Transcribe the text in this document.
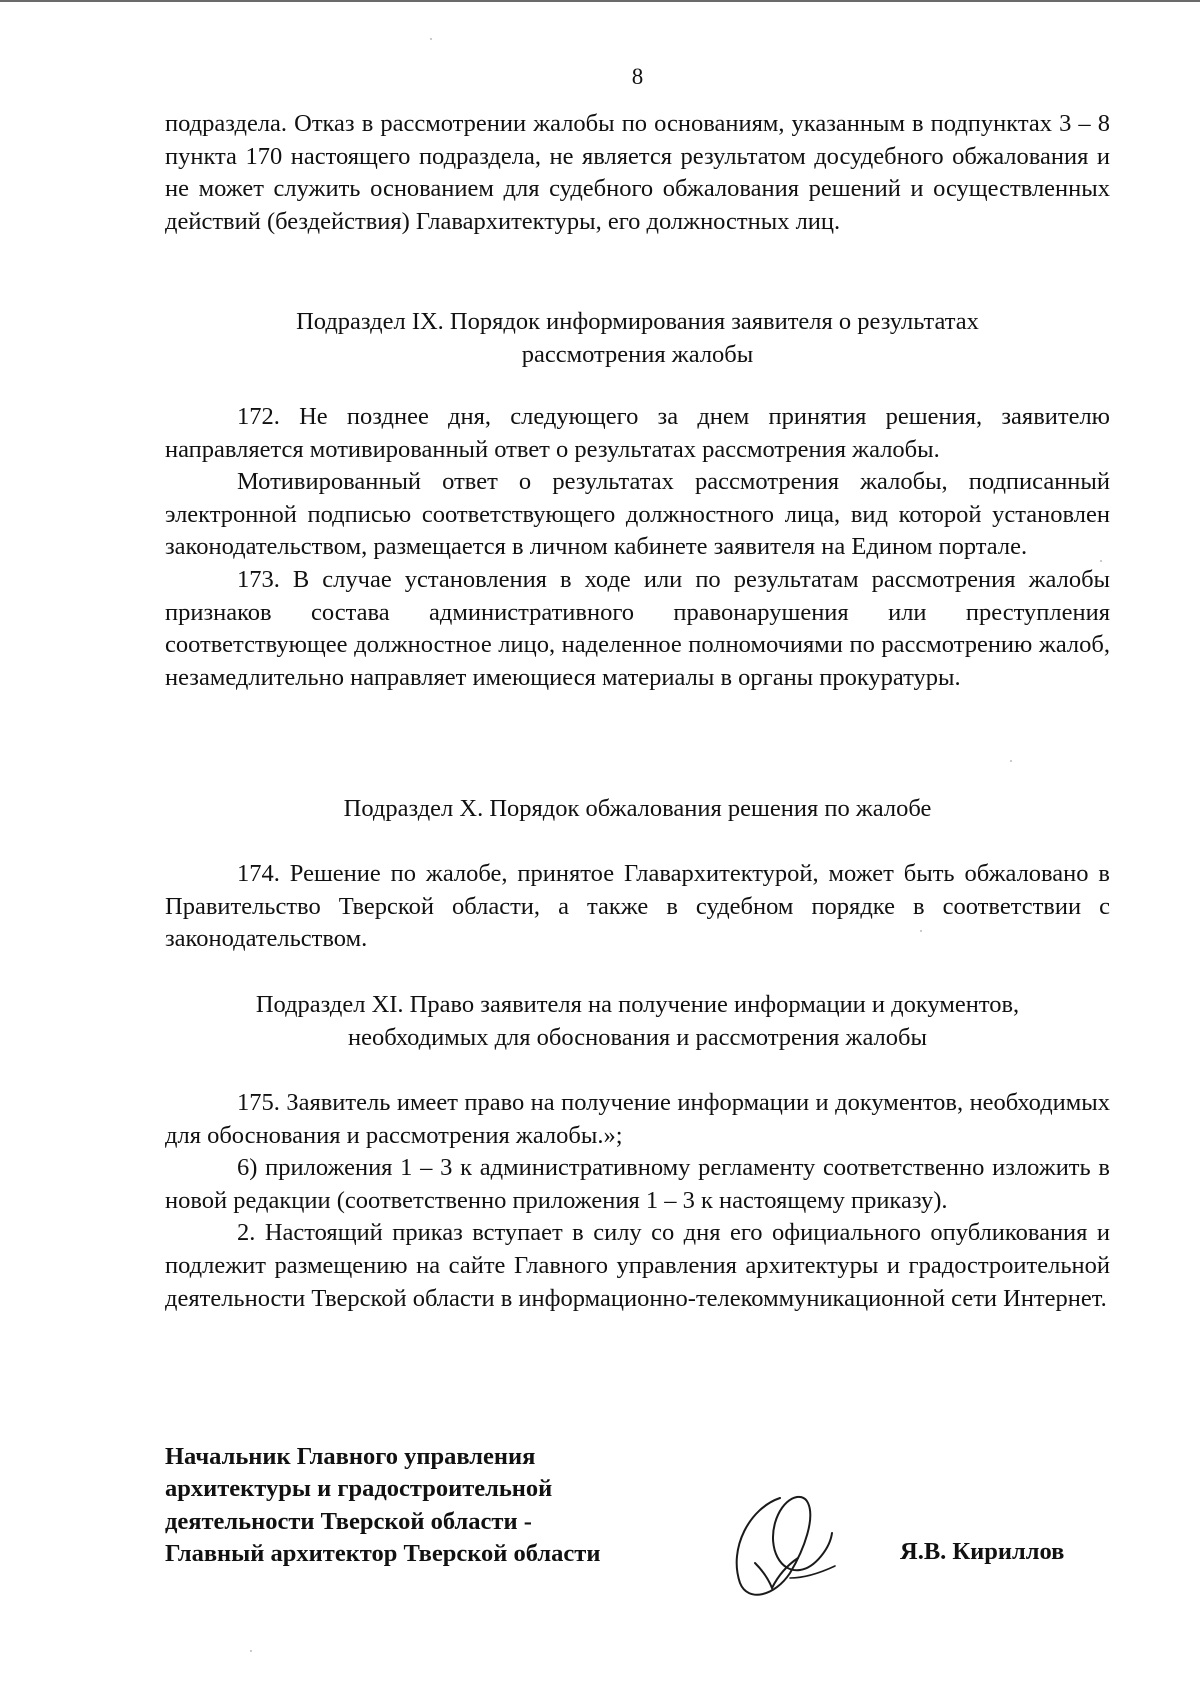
8

подраздела. Отказ в рассмотрении жалобы по основаниям, указанным в подпунктах 3 – 8 пункта 170 настоящего подраздела, не является результатом досудебного обжалования и не может служить основанием для судебного обжалования решений и осуществленных действий (бездействия) Главархитектуры, его должностных лиц.

Подраздел IX. Порядок информирования заявителя о результатах
рассмотрения жалобы

172. Не позднее дня, следующего за днем принятия решения, заявителю направляется мотивированный ответ о результатах рассмотрения жалобы.

Мотивированный ответ о результатах рассмотрения жалобы, подписанный электронной подписью соответствующего должностного лица, вид которой установлен законодательством, размещается в личном кабинете заявителя на Едином портале.

173. В случае установления в ходе или по результатам рассмотрения жалобы признаков состава административного правонарушения или преступления соответствующее должностное лицо, наделенное полномочиями по рассмотрению жалоб, незамедлительно направляет имеющиеся материалы в органы прокуратуры.

Подраздел X. Порядок обжалования решения по жалобе

174. Решение по жалобе, принятое Главархитектурой, может быть обжаловано в Правительство Тверской области, а также в судебном порядке в соответствии с законодательством.

Подраздел XI. Право заявителя на получение информации и документов,
необходимых для обоснования и рассмотрения жалобы

175. Заявитель имеет право на получение информации и документов, необходимых для обоснования и рассмотрения жалобы.»;

6) приложения 1 – 3 к административному регламенту соответственно изложить в новой редакции (соответственно приложения 1 – 3 к настоящему приказу).

2. Настоящий приказ вступает в силу со дня его официального опубликования и подлежит размещению на сайте Главного управления архитектуры и градостроительной деятельности Тверской области в информационно-телекоммуникационной сети Интернет.

Начальник Главного управления
архитектуры и градостроительной
деятельности Тверской области -
Главный архитектор Тверской области	Я.В. Кириллов
